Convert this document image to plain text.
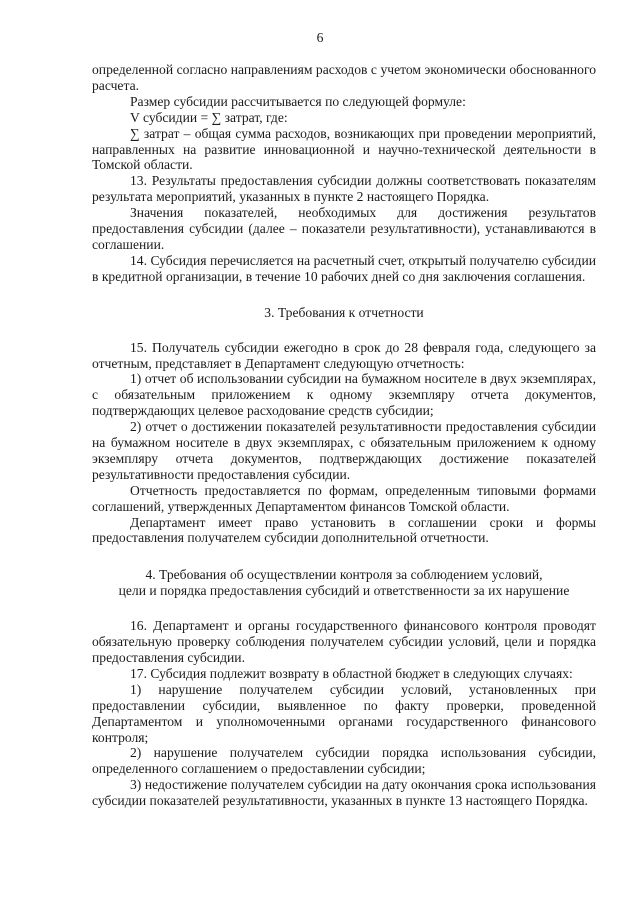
6

определенной согласно направлениям расходов с учетом экономически обоснованного расчета.

Размер субсидии рассчитывается по следующей формуле:

V субсидии = ∑ затрат, где:

∑ затрат – общая сумма расходов, возникающих при проведении мероприятий, направленных на развитие инновационной и научно-технической деятельности в Томской области.

13. Результаты предоставления субсидии должны соответствовать показателям результата мероприятий, указанных в пункте 2 настоящего Порядка.

Значения показателей, необходимых для достижения результатов предоставления субсидии (далее – показатели результативности), устанавливаются в соглашении.

14. Субсидия перечисляется на расчетный счет, открытый получателю субсидии в кредитной организации, в течение 10 рабочих дней со дня заключения соглашения.

3. Требования к отчетности

15. Получатель субсидии ежегодно в срок до 28 февраля года, следующего за отчетным, представляет в Департамент следующую отчетность:

1) отчет об использовании субсидии на бумажном носителе в двух экземплярах, с обязательным приложением к одному экземпляру отчета документов, подтверждающих целевое расходование средств субсидии;

2) отчет о достижении показателей результативности предоставления субсидии на бумажном носителе в двух экземплярах, с обязательным приложением к одному экземпляру отчета документов, подтверждающих достижение показателей результативности предоставления субсидии.

Отчетность предоставляется по формам, определенным типовыми формами соглашений, утвержденных Департаментом финансов Томской области.

Департамент имеет право установить в соглашении сроки и формы предоставления получателем субсидии дополнительной отчетности.

4. Требования об осуществлении контроля за соблюдением условий,
цели и порядка предоставления субсидий и ответственности за их нарушение

16. Департамент и органы государственного финансового контроля проводят обязательную проверку соблюдения получателем субсидии условий, цели и порядка предоставления субсидии.

17. Субсидия подлежит возврату в областной бюджет в следующих случаях:

1) нарушение получателем субсидии условий, установленных при предоставлении субсидии, выявленное по факту проверки, проведенной Департаментом и уполномоченными органами государственного финансового контроля;

2) нарушение получателем субсидии порядка использования субсидии, определенного соглашением о предоставлении субсидии;

3) недостижение получателем субсидии на дату окончания срока использования субсидии показателей результативности, указанных в пункте 13 настоящего Порядка.
